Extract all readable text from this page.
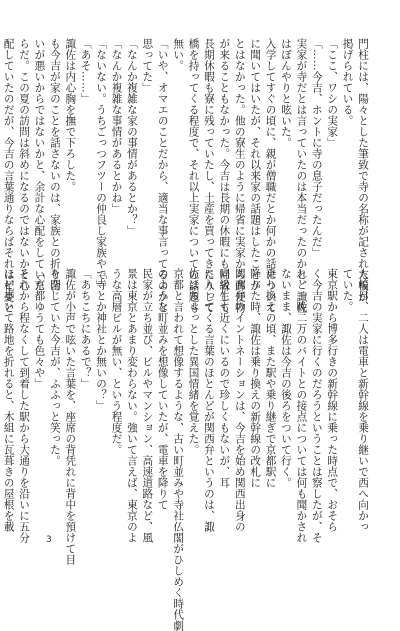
門柱には、陽々とした筆致で寺の名称が記された板が

掲げられている。

「ここ、ワシの実家」

「……今吉、ホントに寺の息子だったんだ」

実家が寺だとは言っていたのは本当だったのかと、諏佐

はぼんやりと呟いた。

入学してすぐの頃に、親が僧職だとか何かの話について

に聞いてはいたが、それ以来家の話題はしたことが

とはなかった。他の寮生のように帰省に実家から郵便物

が来ることもなかった。今吉は長期の休暇にも帰省して

長期休暇も寮に残っていたし、土産を買ってきたりして

橋を持ってくる程度で、それ以上実家についての話題も

無い。

「いや、オマエのことだから、適当な事言ってるのかと

思ってた」

「なんか複雑な家の事情があるとか？」

「なんか複雑な事情があるとかね」

「ないない。うちごっつフツーの仲良し家族やで」

「あそ……」

諏佐は内心胸を撫で下ろした。

も今吉が家のことを話さないのは、家族との折り合

いが悪いからではないかと、余計な心配をしていた

らだ。この夏の訪問は斜めになるのではないかと心

配していたのだが、今吉の言葉通りならばそれは杞憂と

大輪目、二人は電車と新幹線を乗り継いで西へ向かっ

ていた。

東京駅から博多行きの新幹線に乗った時点で、おそら

く今吉の実家に行くのだろうということは察したが、そ

れと一晩二万のバイトとの接点については何も聞かされ

ないまま、諏佐は今吉の後ろをついて行く。

乗り換えの頃、また駅や乗り継ぎで京都駅に

降りた時、諏佐は乗り換えの新幹線の改札に

関西弁のイントネーションは、今吉を始め関西出身の

同級生も近くにいるので珍しくもないが、耳

に入ってくる言葉のほとんどが関西弁というのは、諏

佐はちょっとした異国情緒を覚えた。

京都と言われて想像するような、古い町並みや寺社仏閣がひしめく時代劇

のような町並みを想像していたが、電車を降りて

民家が立ち並び、ビルやマンション、高速道路など、風

景は東京とあまり変わらない。強いて言えば、東京のよ

うな高層ビルが無い、という程度だ。

「寺とか神社とか無いの？」

「あちこちにあるで？」

諏佐が小声で呟いた言葉を、座席の背凭れに背中を預けて目

を閉じていた今吉が、ふふっと笑った。

「京都ゆうても色々や」

それから程なくして到着した駅から大通りを沿いに五分

ほど歩いて路地を折れると、木組に瓦葺きの屋根を載

3
